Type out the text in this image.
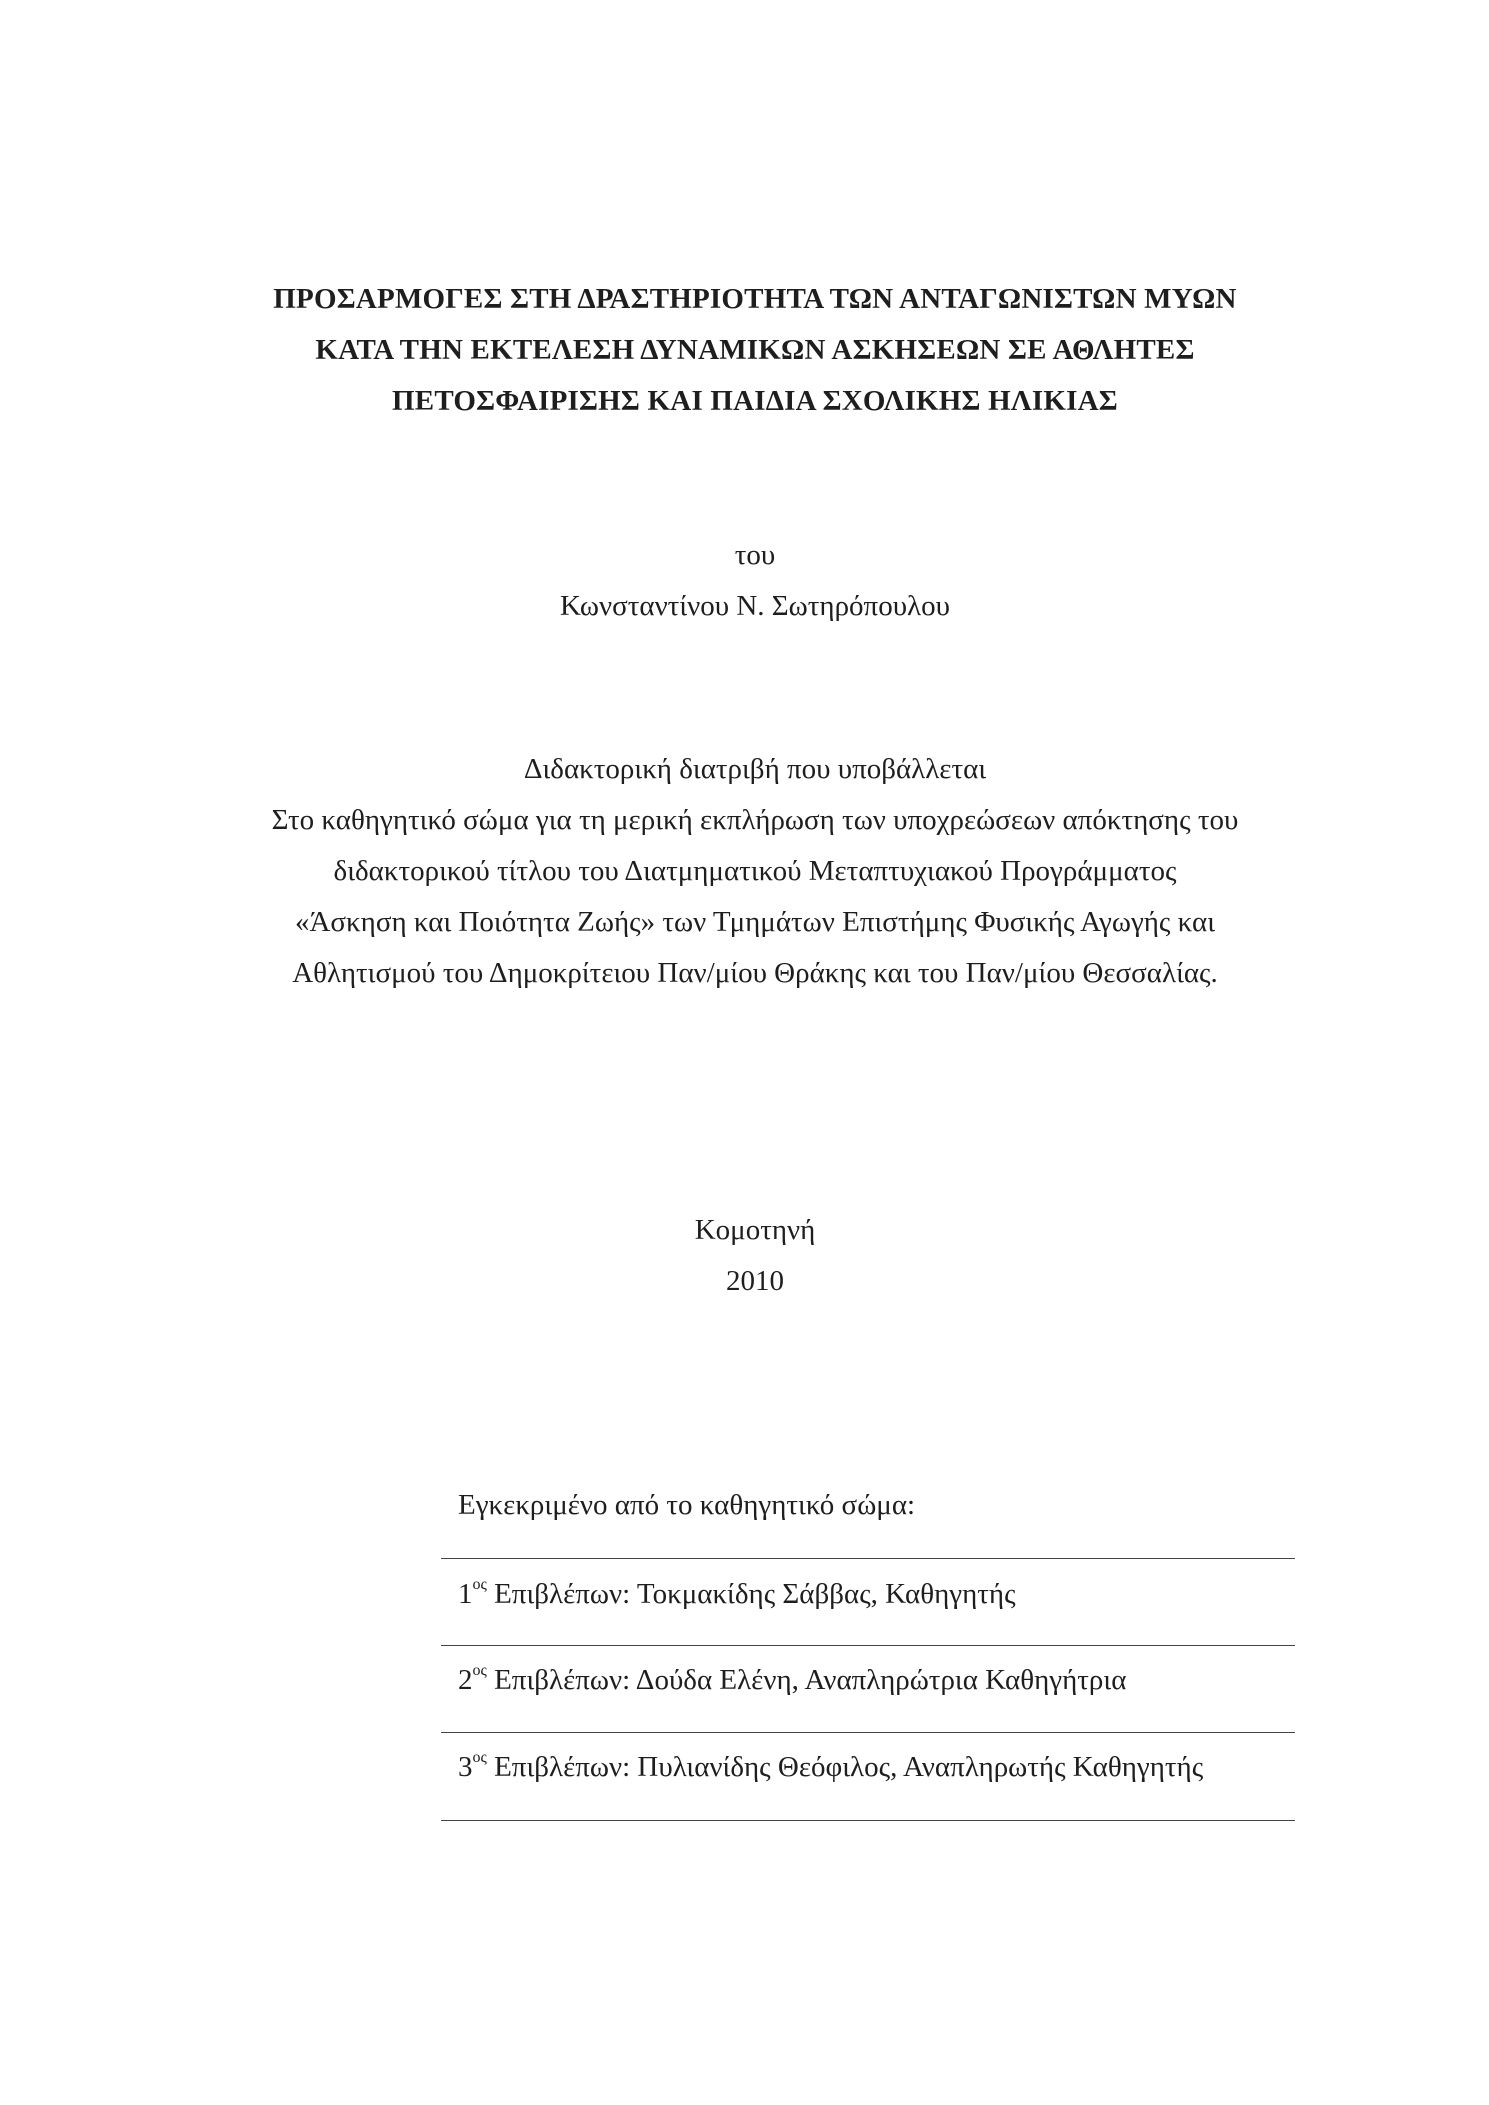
ΠΡΟΣΑΡΜΟΓΕΣ ΣΤΗ ΔΡΑΣΤΗΡΙΟΤΗΤΑ ΤΩΝ ΑΝΤΑΓΩΝΙΣΤΩΝ ΜΥΩΝ
ΚΑΤΑ ΤΗΝ ΕΚΤΕΛΕΣΗ ΔΥΝΑΜΙΚΩΝ ΑΣΚΗΣΕΩΝ ΣΕ ΑΘΛΗΤΕΣ
ΠΕΤΟΣΦΑΙΡΙΣΗΣ ΚΑΙ ΠΑΙΔΙΑ ΣΧΟΛΙΚΗΣ ΗΛΙΚΙΑΣ
του
Κωνσταντίνου Ν. Σωτηρόπουλου
Διδακτορική διατριβή που υποβάλλεται
Στο καθηγητικό σώμα για τη μερική εκπλήρωση των υποχρεώσεων απόκτησης του
διδακτορικού τίτλου του Διατμηματικού Μεταπτυχιακού Προγράμματος
«Άσκηση και Ποιότητα Ζωής» των Τμημάτων Επιστήμης Φυσικής Αγωγής και
Αθλητισμού του Δημοκρίτειου Παν/μίου Θράκης και του Παν/μίου Θεσσαλίας.
Κομοτηνή
2010
Εγκεκριμένο από το καθηγητικό σώμα:
$1^{o\varsigma}$ Επιβλέπων: Τοκμακίδης Σάββας, Καθηγητής
$2^{o\varsigma}$ Επιβλέπων: Δούδα Ελένη, Αναπληρώτρια Καθηγήτρια
$3^{o\varsigma}$ Επιβλέπων: Πυλιανίδης Θεόφιλος, Αναπληρωτής Καθηγητής
